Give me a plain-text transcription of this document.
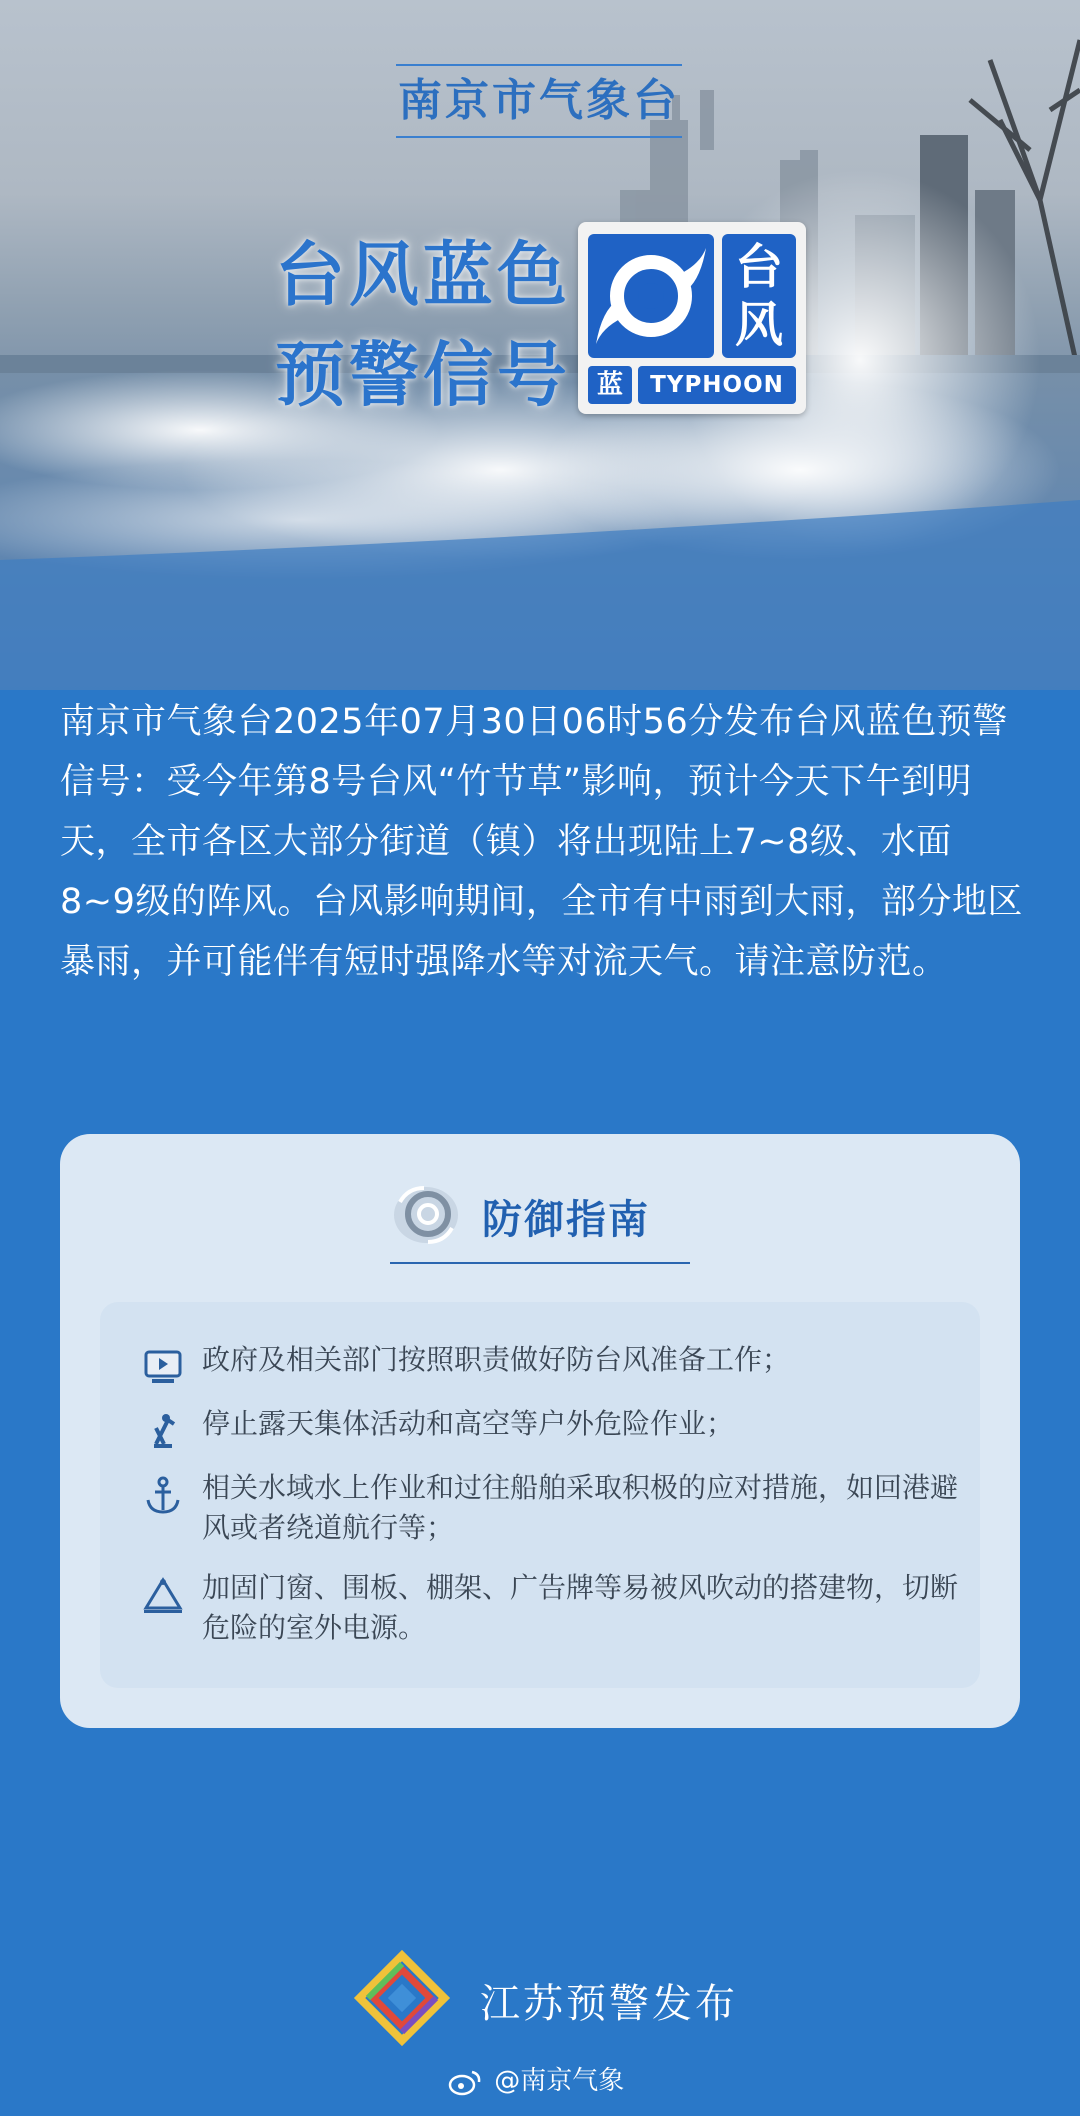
南京市气象台
台风蓝色
预警信号
台风
蓝	TYPHOON
南京市气象台2025年07月30日06时56分发布台风蓝色预警信号：受今年第8号台风“竹节草”影响，预计今天下午到明天，全市各区大部分街道（镇）将出现陆上7~8级、水面8~9级的阵风。台风影响期间，全市有中雨到大雨，部分地区暴雨，并可能伴有短时强降水等对流天气。请注意防范。
防御指南
政府及相关部门按照职责做好防台风准备工作；
停止露天集体活动和高空等户外危险作业；
相关水域水上作业和过往船舶采取积极的应对措施，如回港避风或者绕道航行等；
加固门窗、围板、棚架、广告牌等易被风吹动的搭建物，切断危险的室外电源。
江苏预警发布
@南京气象
